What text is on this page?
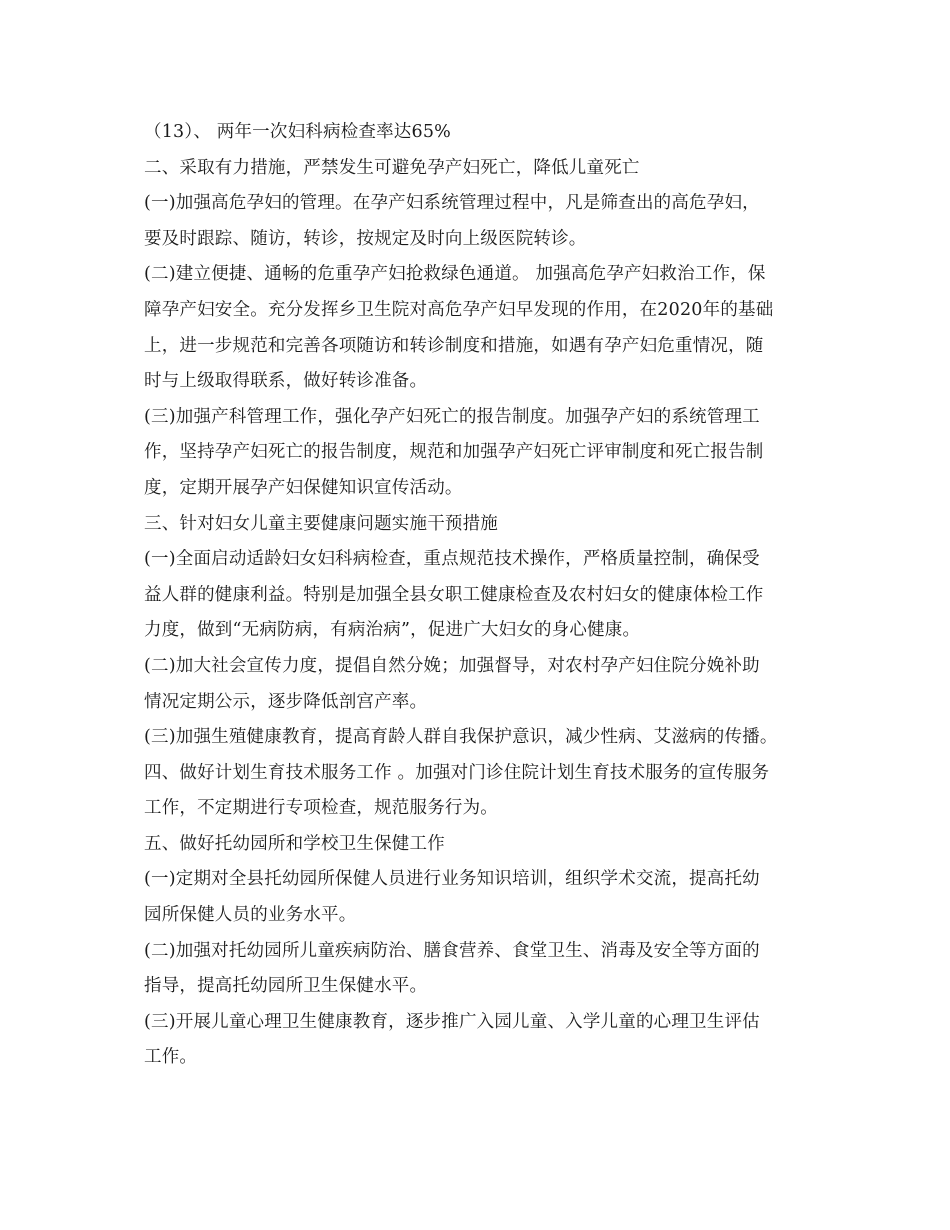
（13）、 两年一次妇科病检查率达65%
二、采取有力措施，严禁发生可避免孕产妇死亡，降低儿童死亡
(一)加强高危孕妇的管理。在孕产妇系统管理过程中，凡是筛查出的高危孕妇，
要及时跟踪、随访，转诊，按规定及时向上级医院转诊。
(二)建立便捷、通畅的危重孕产妇抢救绿色通道。 加强高危孕产妇救治工作，保
障孕产妇安全。充分发挥乡卫生院对高危孕产妇早发现的作用，在2020年的基础
上，进一步规范和完善各项随访和转诊制度和措施，如遇有孕产妇危重情况，随
时与上级取得联系，做好转诊准备。
(三)加强产科管理工作，强化孕产妇死亡的报告制度。加强孕产妇的系统管理工
作，坚持孕产妇死亡的报告制度，规范和加强孕产妇死亡评审制度和死亡报告制
度，定期开展孕产妇保健知识宣传活动。
三、针对妇女儿童主要健康问题实施干预措施
(一)全面启动适龄妇女妇科病检查，重点规范技术操作，严格质量控制，确保受
益人群的健康利益。特别是加强全县女职工健康检查及农村妇女的健康体检工作
力度，做到“无病防病，有病治病”，促进广大妇女的身心健康。
(二)加大社会宣传力度，提倡自然分娩；加强督导，对农村孕产妇住院分娩补助
情况定期公示，逐步降低剖宫产率。
(三)加强生殖健康教育，提高育龄人群自我保护意识，减少性病、艾滋病的传播。
四、做好计划生育技术服务工作 。加强对门诊住院计划生育技术服务的宣传服务
工作，不定期进行专项检查，规范服务行为。
五、做好托幼园所和学校卫生保健工作
(一)定期对全县托幼园所保健人员进行业务知识培训，组织学术交流，提高托幼
园所保健人员的业务水平。
(二)加强对托幼园所儿童疾病防治、膳食营养、食堂卫生、消毒及安全等方面的
指导，提高托幼园所卫生保健水平。
(三)开展儿童心理卫生健康教育，逐步推广入园儿童、入学儿童的心理卫生评估
工作。
